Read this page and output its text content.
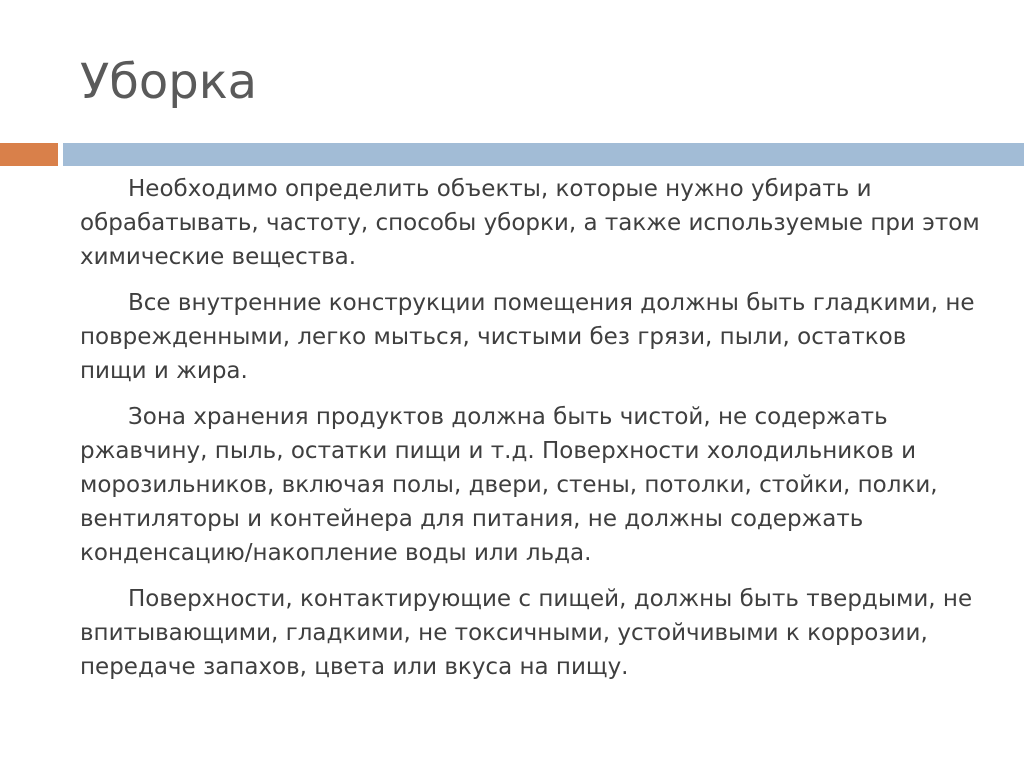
Уборка

Необходимо определить объекты, которые нужно убирать и обрабатывать, частоту, способы уборки, а также используемые при этом химические вещества.

Все внутренние конструкции помещения должны быть гладкими, не поврежденными, легко мыться, чистыми без грязи, пыли, остатков пищи и жира.

Зона хранения продуктов должна быть чистой, не содержать ржавчину, пыль, остатки пищи и т.д. Поверхности холодильников и морозильников, включая полы, двери, стены, потолки, стойки, полки, вентиляторы и контейнера для питания, не должны содержать конденсацию/накопление воды или льда.

Поверхности, контактирующие с пищей, должны быть твердыми, не впитывающими, гладкими, не токсичными, устойчивыми к коррозии, передаче запахов, цвета или вкуса на пищу.
